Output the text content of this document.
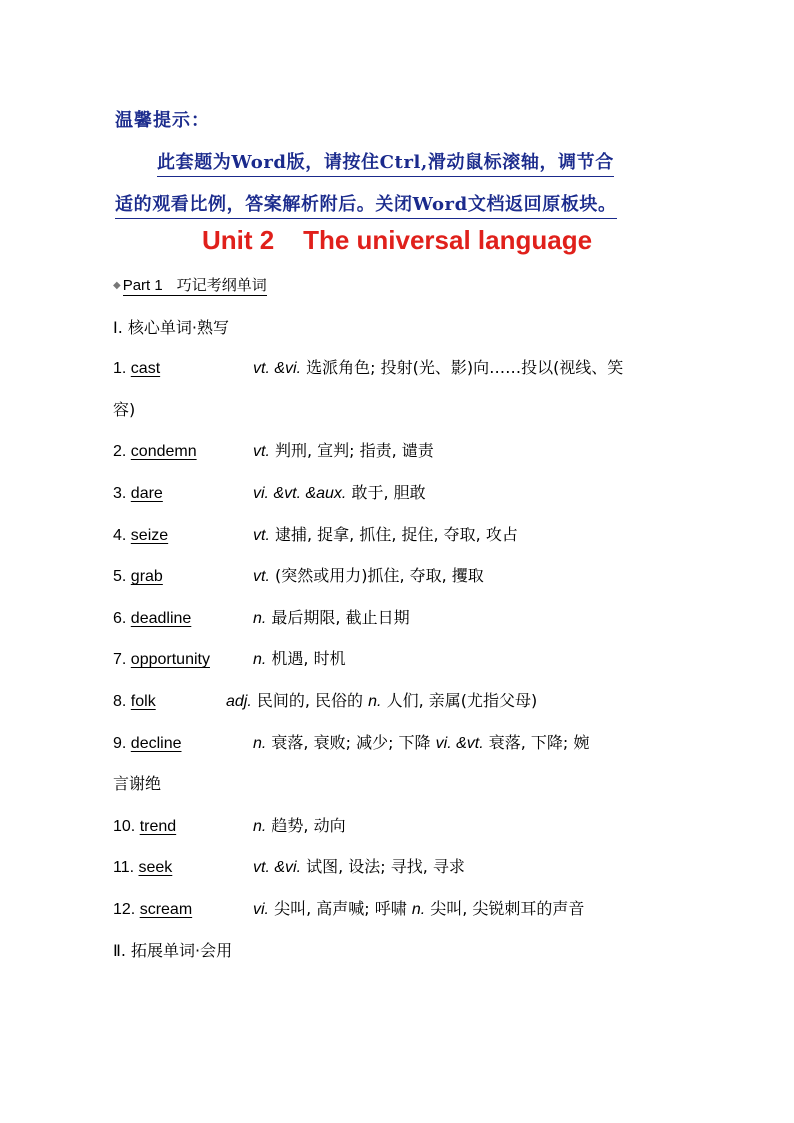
温馨提示：
此套题为Word版，请按住Ctrl,滑动鼠标滚轴，调节合
适的观看比例，答案解析附后。关闭Word文档返回原板块。
Unit 2    The universal language
◆ Part 1 巧记考纲单词
Ⅰ. 核心单词·熟写
1. cast	vt. &vi. 选派角色; 投射(光、影)向……投以(视线、笑
容)
2. condemn	vt. 判刑, 宣判; 指责, 谴责
3. dare	vi. &vt. &aux. 敢于, 胆敢
4. seize	vt. 逮捕, 捉拿, 抓住, 捉住, 夺取, 攻占
5. grab	vt. (突然或用力)抓住, 夺取, 攫取
6. deadline	n. 最后期限, 截止日期
7. opportunity	n. 机遇, 时机
8. folk	adj. 民间的, 民俗的 n. 人们, 亲属(尤指父母)
9. decline	n. 衰落, 衰败; 减少; 下降 vi. &vt. 衰落, 下降; 婉
言谢绝
10. trend	n. 趋势, 动向
11. seek	vt. &vi. 试图, 设法; 寻找, 寻求
12. scream	vi. 尖叫, 高声喊; 呼啸 n. 尖叫, 尖锐刺耳的声音
Ⅱ. 拓展单词·会用
